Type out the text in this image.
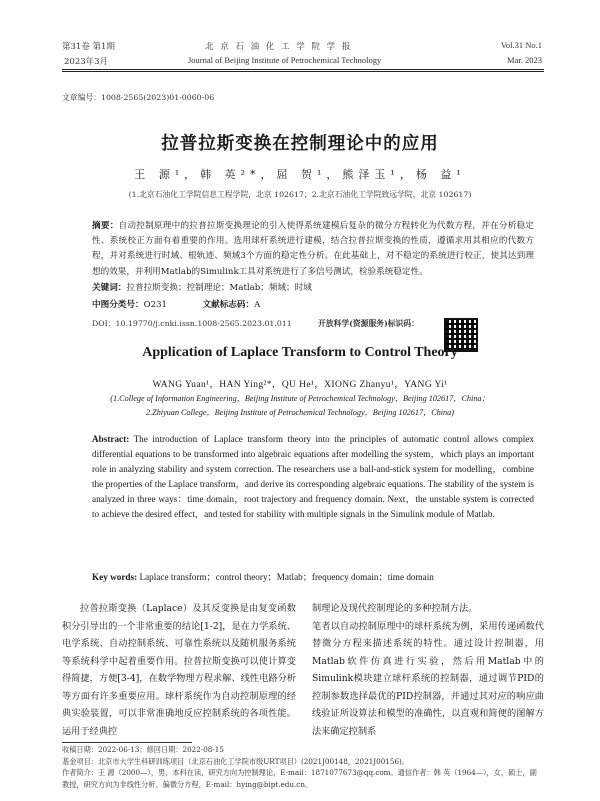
第31卷 第1期
2023年3月
北 京 石 油 化 工 学 院 学 报
Journal of Beijing Institute of Petrochemical Technology
Vol.31 No.1
Mar. 2023
文章编号：1008-2565(2023)01-0060-06
拉普拉斯变换在控制理论中的应用
王 源¹，韩 英²*，屈 贺¹，熊泽玉¹，杨 益¹
(1.北京石油化工学院信息工程学院，北京 102617；2.北京石油化工学院致远学院，北京 102617)
摘要：自动控制原理中的拉普拉斯变换理论的引入使得系统建模后复杂的微分方程转化为代数方程，并在分析稳定性、系统校正方面有着重要的作用。选用球杆系统进行建模，结合拉普拉斯变换的性质，遵循求用其相应的代数方程，并对系统进行时域、根轨迹、频域3个方面的稳定性分析。在此基础上，对不稳定的系统进行校正，使其达到理想的效果，并利用Matlab的Simulink工具对系统进行了多信号测试，检验系统稳定性。
关键词：拉普拉斯变换；控制理论；Matlab；频域；时域
中图分类号：O231	文献标志码：A
DOI：10.19770/j.cnki.issn.1008-2565.2023.01.011	开放科学(资源服务)标识码：
Application of Laplace Transform to Control Theory
WANG Yuan¹，HAN Ying²*，QU He¹，XIONG Zhanyu¹，YANG Yi¹
(1.College of Information Engineering，Beijing Institute of Petrochemical Technology，Beijing 102617，China；
2.Zhiyuan College，Beijing Institute of Petrochemical Technology，Beijing 102617，China)
Abstract: The introduction of Laplace transform theory into the principles of automatic control allows complex differential equations to be transformed into algebraic equations after modelling the system，which plays an important role in analyzing stability and system correction. The researchers use a ball-and-stick system for modelling，combine the properties of the Laplace transform，and derive its corresponding algebraic equations. The stability of the system is analyzed in three ways：time domain，root trajectory and frequency domain. Next，the unstable system is corrected to achieve the desired effect，and tested for stability with multiple signals in the Simulink module of Matlab.
Key words: Laplace transform；control theory；Matlab；frequency domain；time domain
拉普拉斯变换（Laplace）及其反变换是由复变函数积分引导出的一个非常重要的结论[1-2]，是在力学系统、电学系统、自动控制系统、可靠性系统以及随机服务系统等系统科学中起着重要作用。拉普拉斯变换可以使计算变得简捷，方便[3-4]，在数学物理方程求解、线性电路分析等方面有许多重要应用。球杆系统作为自动控制原理的经典实验装置，可以非常准确地反应控制系统的各项性能。运用于经典控
制理论及现代控制理论的多种控制方法。
笔者以自动控制原理中的球杆系统为例，采用传递函数代替微分方程来描述系统的特性。通过设计控制器，用Matlab软件仿真进行实验，然后用Matlab中的Simulink模块建立球杆系统的控制器，通过调节PID的控制参数选择最优的PID控制器，并通过其对应的响应曲线验证所设算法和模型的准确性，以直观和简便的图解方法来确定控制系
收稿日期：2022-06-13；修回日期：2022-08-15
基金项目：北京市大学生科研训练项目（北京石油化工学院市级URT项目）(2021J00148，2021J00156)。
作者简介：王 源（2000—），男，本科在读，研究方向为控制理论，E-mail：1871077673@qq.com。通信作者：韩 英（1964—），女，硕士，副教授，研究方向为非线性分析、偏微分方程，E-mail：hying@bipt.edu.cn。
